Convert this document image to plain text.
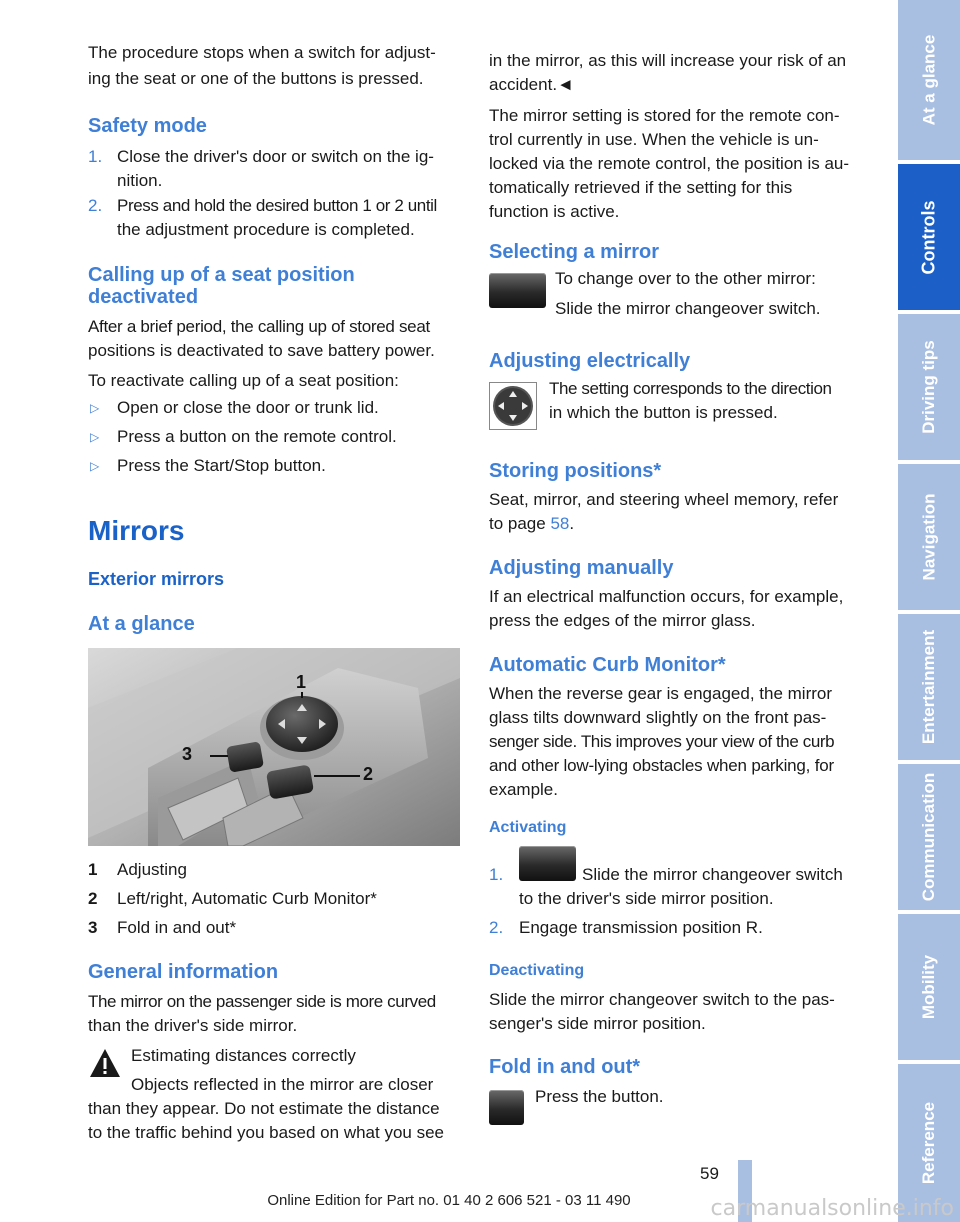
The procedure stops when a switch for adjust-
ing the seat or one of the buttons is pressed.
Safety mode
1. Close the driver's door or switch on the ig-
nition.
2. Press and hold the desired button 1 or 2 until
the adjustment procedure is completed.
Calling up of a seat position
deactivated
After a brief period, the calling up of stored seat
positions is deactivated to save battery power.
To reactivate calling up of a seat position:
▷ Open or close the door or trunk lid.
▷ Press a button on the remote control.
▷ Press the Start/Stop button.
Mirrors
Exterior mirrors
At a glance
1
2
3
1 Adjusting
2 Left/right, Automatic Curb Monitor*
3 Fold in and out*
General information
The mirror on the passenger side is more curved
than the driver's side mirror.
Estimating distances correctly
Objects reflected in the mirror are closer
than they appear. Do not estimate the distance
to the traffic behind you based on what you see
in the mirror, as this will increase your risk of an
accident.◄
The mirror setting is stored for the remote con-
trol currently in use. When the vehicle is un-
locked via the remote control, the position is au-
tomatically retrieved if the setting for this
function is active.
Selecting a mirror
To change over to the other mirror:
Slide the mirror changeover switch.
Adjusting electrically
The setting corresponds to the direction
in which the button is pressed.
Storing positions*
Seat, mirror, and steering wheel memory, refer
to page 58.
Adjusting manually
If an electrical malfunction occurs, for example,
press the edges of the mirror glass.
Automatic Curb Monitor*
When the reverse gear is engaged, the mirror
glass tilts downward slightly on the front pas-
senger side. This improves your view of the curb
and other low-lying obstacles when parking, for
example.
Activating
1.	Slide the mirror changeover switch
to the driver's side mirror position.
2. Engage transmission position R.
Deactivating
Slide the mirror changeover switch to the pas-
senger's side mirror position.
Fold in and out*
Press the button.
At a glance
Controls
Driving tips
Navigation
Entertainment
Communication
Mobility
Reference
59
Online Edition for Part no. 01 40 2 606 521 - 03 11 490	carmanualsonline.info
